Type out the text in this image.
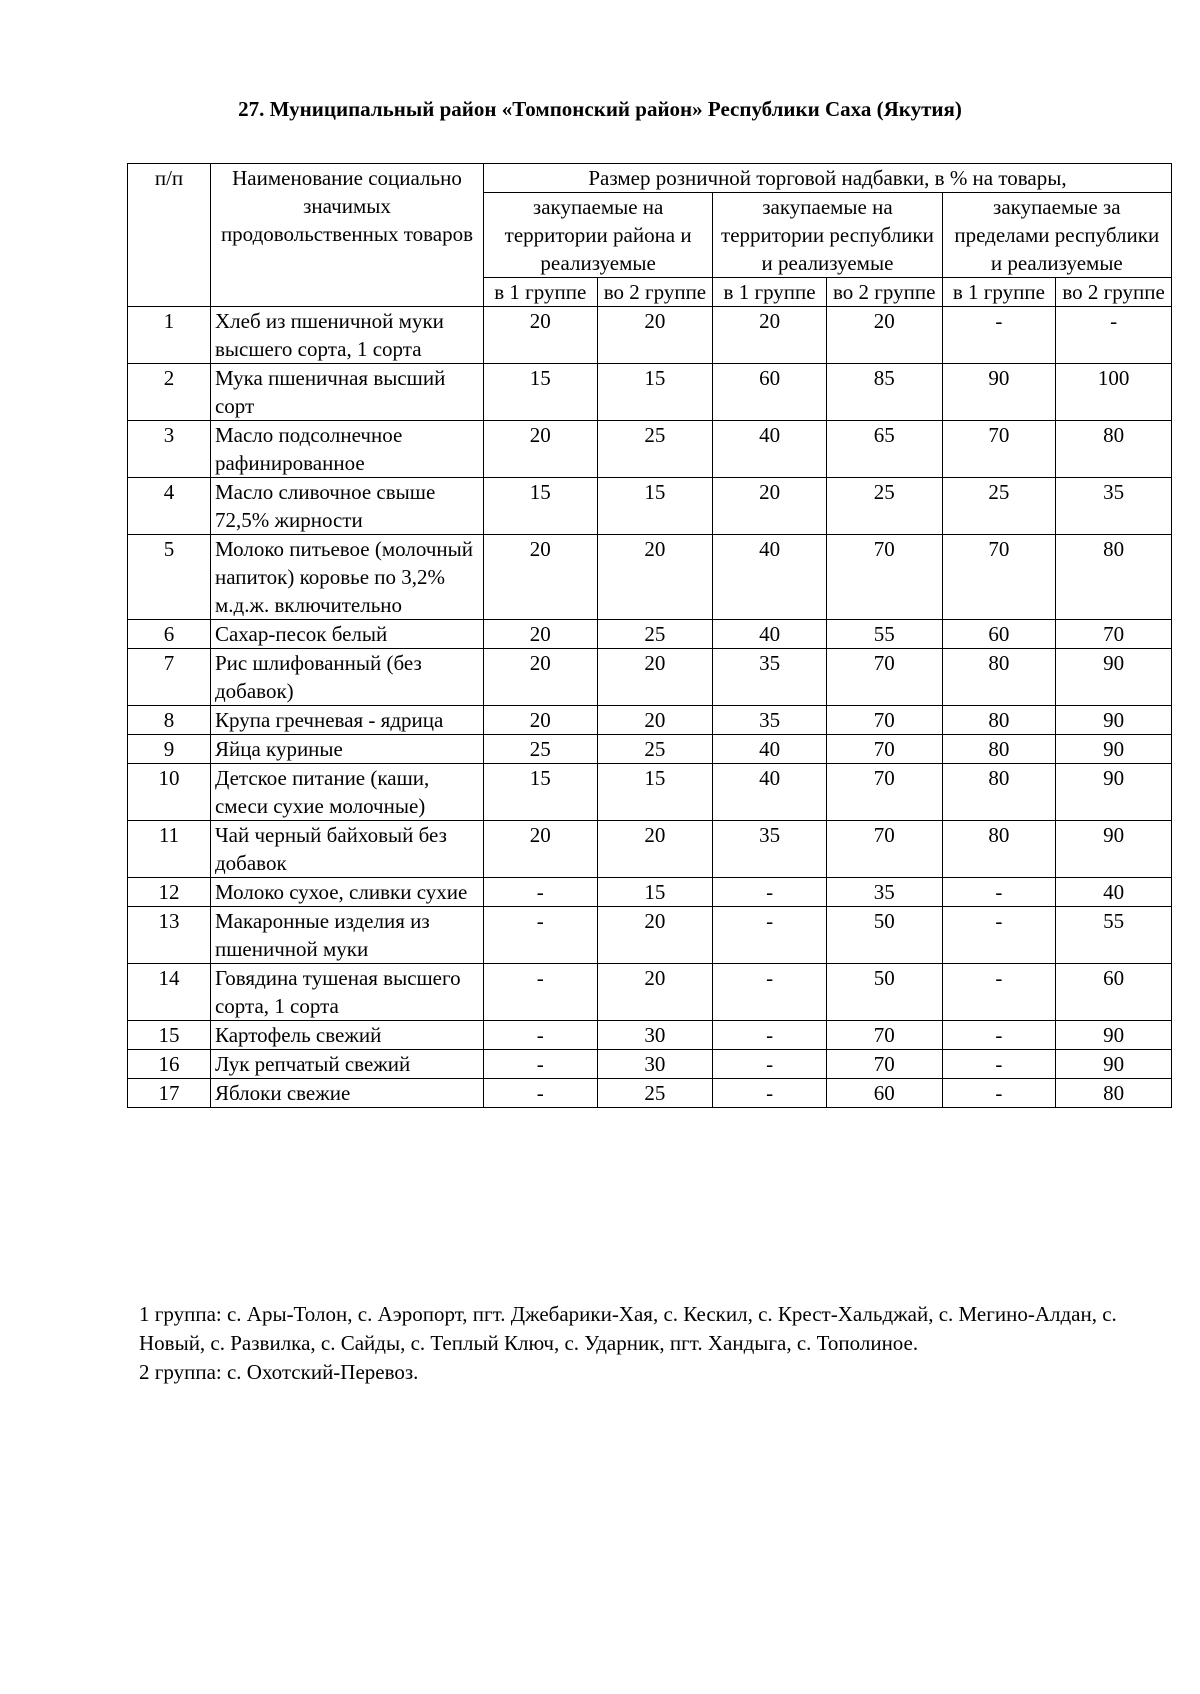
27. Муниципальный район «Томпонский район» Республики Саха (Якутия)
п/п	Наименование социально значимых продовольственных товаров	Размер розничной торговой надбавки, в % на товары,					
		закупаемые на территории района и реализуемые		закупаемые на территории республики и реализуемые		закупаемые за пределами республики и реализуемые	
		в 1 группе	во 2 группе	в 1 группе	во 2 группе	в 1 группе	во 2 группе
1	Хлеб из пшеничной муки высшего сорта, 1 сорта	20	20	20	20	-	-
2	Мука пшеничная высший сорт	15	15	60	85	90	100
3	Масло подсолнечное рафинированное	20	25	40	65	70	80
4	Масло сливочное свыше 72,5% жирности	15	15	20	25	25	35
5	Молоко питьевое (молочный напиток) коровье по 3,2% м.д.ж. включительно	20	20	40	70	70	80
6	Сахар-песок белый	20	25	40	55	60	70
7	Рис шлифованный (без добавок)	20	20	35	70	80	90
8	Крупа гречневая - ядрица	20	20	35	70	80	90
9	Яйца куриные	25	25	40	70	80	90
10	Детское питание (каши, смеси сухие молочные)	15	15	40	70	80	90
11	Чай черный байховый без добавок	20	20	35	70	80	90
12	Молоко сухое, сливки сухие	-	15	-	35	-	40
13	Макаронные изделия из пшеничной муки	-	20	-	50	-	55
14	Говядина тушеная высшего сорта, 1 сорта	-	20	-	50	-	60
15	Картофель свежий	-	30	-	70	-	90
16	Лук репчатый свежий	-	30	-	70	-	90
17	Яблоки свежие	-	25	-	60	-	80

1 группа: с. Ары-Толон, с. Аэропорт, пгт. Джебарики-Хая, с. Кескил, с. Крест-Хальджай, с. Мегино-Алдан, с. Новый, с. Развилка, с. Сайды, с. Теплый Ключ, с. Ударник, пгт. Хандыга, с. Тополиное.

2 группа: с. Охотский-Перевоз.
